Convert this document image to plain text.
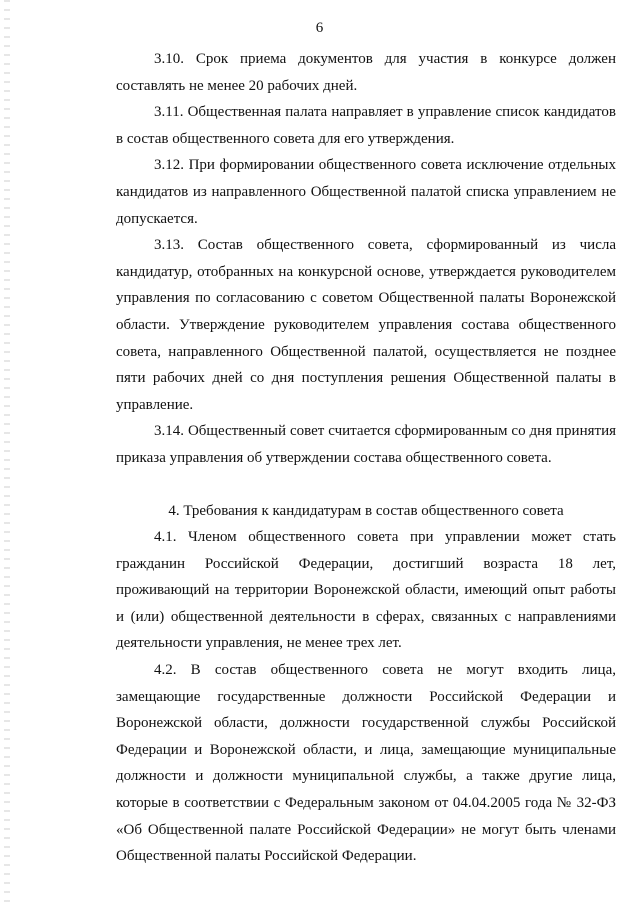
6

3.10. Срок приема документов для участия в конкурсе должен составлять не менее 20 рабочих дней.

3.11. Общественная палата направляет в управление список кандидатов в состав общественного совета для его утверждения.

3.12. При формировании общественного совета исключение отдельных кандидатов из направленного Общественной палатой списка управлением не допускается.

3.13. Состав общественного совета, сформированный из числа кандидатур, отобранных на конкурсной основе, утверждается руководителем управления по согласованию с советом Общественной палаты Воронежской области. Утверждение руководителем управления состава общественного совета, направленного Общественной палатой, осуществляется не позднее пяти рабочих дней со дня поступления решения Общественной палаты в управление.

3.14. Общественный совет считается сформированным со дня принятия приказа управления об утверждении состава общественного совета.

4. Требования к кандидатурам в состав общественного совета

4.1. Членом общественного совета при управлении может стать гражданин Российской Федерации, достигший возраста 18 лет, проживающий на территории Воронежской области, имеющий опыт работы и (или) общественной деятельности в сферах, связанных с направлениями деятельности управления, не менее трех лет.

4.2. В состав общественного совета не могут входить лица, замещающие государственные должности Российской Федерации и Воронежской области, должности государственной службы Российской Федерации и Воронежской области, и лица, замещающие муниципальные должности и должности муниципальной службы, а также другие лица, которые в соответствии с Федеральным законом от 04.04.2005 года № 32-ФЗ «Об Общественной палате Российской Федерации» не могут быть членами Общественной палаты Российской Федерации.
